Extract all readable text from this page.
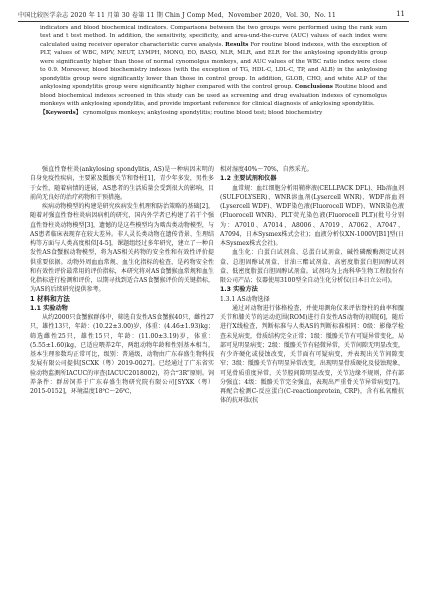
中国比较医学杂志 2020 年 11 月第 30 卷第 11 期 Chin J Comp Med，November 2020，Vol. 30，No. 11	11
indicators and blood biochemical indicators. Comparisons between the two groups were performed using the rank sum test and t test method. In addition, the sensitivity, specificity, and area-und-the-curve (AUC) values of each index were calculated using receiver operator characteristic curve analysis. Results For routine blood indexes, with the exception of PLT, values of WBC, MPV, NEUT, LYMPH, MONO, EO, BASO, NLR, MLR, and ELR for the ankylosing spondylitis group were significantly higher than those of normal cynomolgus monkeys, and AUC values of the WBC ratio index were close to 0.9. Moreover, blood biochemistry indexes (with the exception of TG, HDL-C, LDL-C, TP, and ALB) in the ankylosing spondylitis group were significantly lower than those in control group. In addition, GLOB, CHO, and white ALP of the ankylosing spondylitis group were significantly higher compared with the control group. Conclusions Routine blood and blood biochemical indexes screened in this study can be used as screening and drug evaluation indexes of cynomolgus monkeys with ankylosing spondylitis, and provide important reference for clinical diagnosis of ankylosing spondylitis.
【Keywords】 cynomolgus monkeys; ankylosing spondylitis; routine blood test; blood biochemistry

强直性脊柱炎(ankylosing spondylitis, AS)是一种病因未明的自身免疫性疾病，主要累及骶髂关节和脊柱[1]，青少年多发，男性多于女性，随着病情的进展，AS患者的生活质量会受到很大的影响，目前尚无良好的治疗药物和干预措施。

疾病动物模型的构建是研究疾病发生机理和防治策略的基础[2]，随着对强直性脊柱炎病因病机的研究，国内外学者已构建了若干个强直性脊柱炎动物模型[3]，遗憾的是这些模型均为啮齿类动物模型，与AS患者临床表现存在较大差异。非人灵长类动物在遗传背景、生理结构等方面与人类高度相似[4-5]，课题组经过多年研究，建立了一种自发性AS食蟹猴动物模型，将为AS相关药物的安全性和有效性评价提供重要依据。动物外周血血常规、血生化指标的检查，是药物安全性和有效性评价最常用的评价指标，本研究将对AS食蟹猴血常规和血生化指标进行检测和评价，以期寻找到适合AS食蟹猴评价的关键指标，为AS的后续研究提供参考。

1 材料和方法

1.1 实验动物

从约2000只食蟹猴群体中，筛选自发性AS食蟹猴40只，雌性27只，雄性13只，年龄：(10.22±3.00)岁，体重：(4.46±1.93)kg；筛选雌性25只，雄性15只，年龄：(11.00±3.19)岁，体重：(5.55±1.60)kg，已适应喂养2年，两组动物年龄和性别基本相当，基本生理参数均正常可比，级别：普通级，动物由广东春盛生物科技发展有限公司提供[SCXK（粤）2019-0027]。已经通过了广东省实验动物监测所IACUC的审查(IACUC2018002)，符合“3R”原则。饲养条件：群居饲养于广东春盛生物研究院有限公司[SYXK（粤）2015-0152]，环境温度18℃～26℃，

相对湿度40%～70%，自然采光。

1.2 主要试剂和仪器

血常规：血红细胞分析用鞘葬液(CELLPACK DFL)、Hb溶血剂(SULFOLYSER)、WNR溶血剂(Lysercell WNR)、WDF溶血剂(Lysercell WDF)、WDF染色液(Fluorocell WDF)、WNR染色液(Fluorocell WNR)、PLT荧光染色液(Fluorocell PLT)(批号分别为：A7010、A7014、A8006、A7019、A7062、A7047、A7094，日本Sysmex株式会社)；血液分析仪XN-1000V[B1]型(日本Sysmex株式会社)。

血生化：白蛋白试剂盒、总蛋白试剂盒、碱性磷酸酶测定试剂盒、总胆固醇试剂盒、甘油三酯试剂盒、高密度脂蛋白胆固醇试剂盒、低密度脂蛋白胆固醇试剂盒。试剂均为上海科华生物工程股份有限公司产品；仪器使用3100型全自动生化分析仪(日本日立公司)。

1.3 实验方法

1.3.1 AS动物选择

通过对动物进行体格检查，并使用测角仪来评估脊柱的曲率和髋关节和膝关节的运动范围(ROM)进行自发性AS动物的初筛[6]，随后进行X线检查，判断标准与人类AS的判断标准相同：0级：影像学检查未见病变，骨质结构完全正常；1级：骶骼关节有可疑异常变化，局部可见明显病变；2级：骶骼关节有轻微异常，关节间隙无明显改变，有少许硬化或侵蚀改变，关节面有可疑病变，并表现出关节间隙变窄；3级：骶骼关节有明显异常改变，出现明显骨质硬化及侵蚀现象，可见骨质重度异常，关节腔间隙明显改变，关节边缘不规则，伴有部分强直；4级：骶骼关节完全强直，表现出严重骨关节异常病变[7]。再配合检测C-反应蛋白(C-reactionprotein, CRP)，含有私氧酸抗体的抗环肽(抗
